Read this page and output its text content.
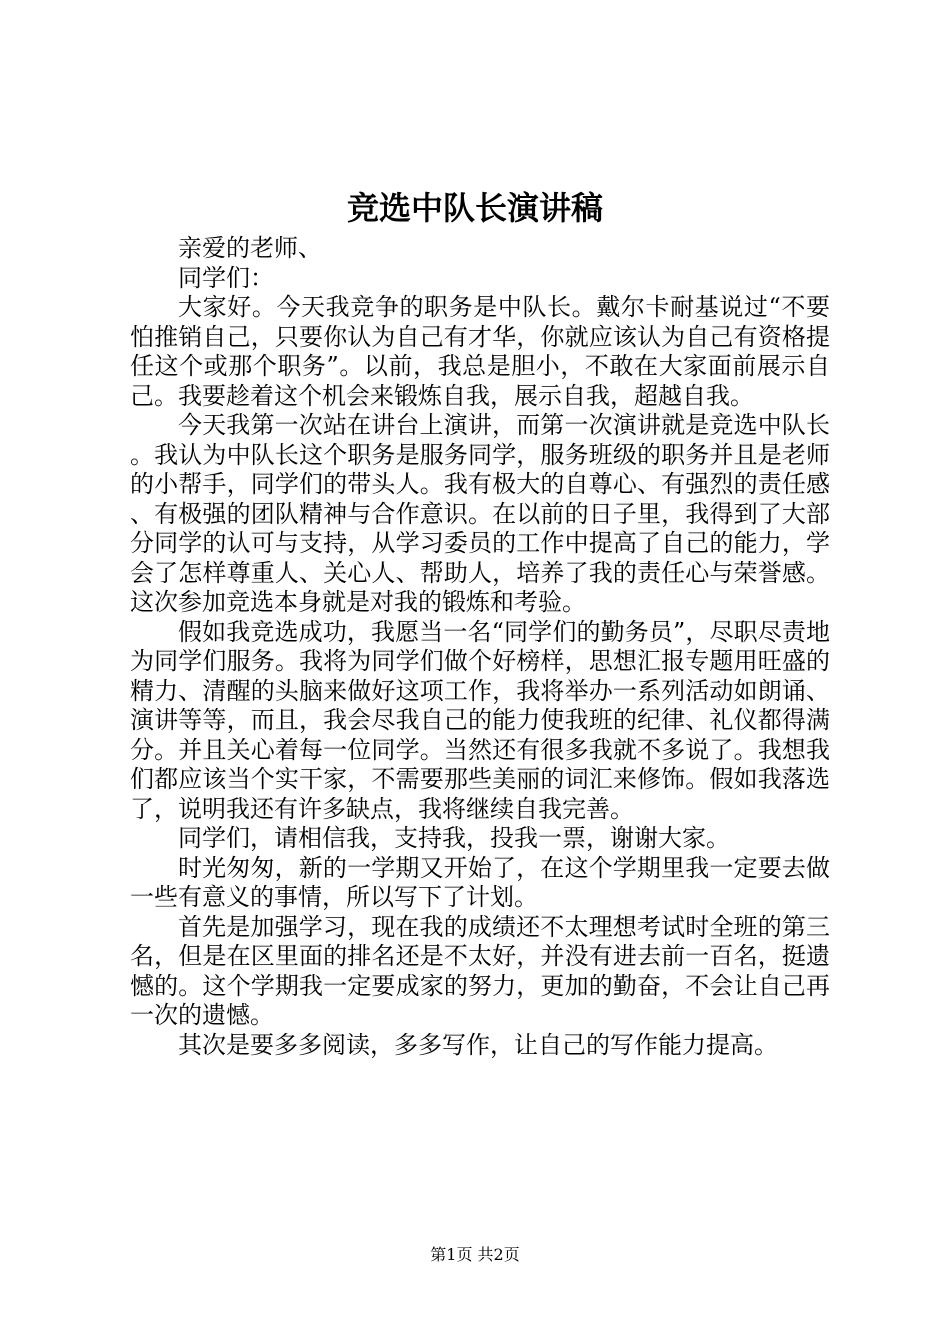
竞选中队长演讲稿

亲爱的老师、

同学们：

大家好。今天我竞争的职务是中队长。戴尔卡耐基说过“不要怕推销自己，只要你认为自己有才华，你就应该认为自己有资格提任这个或那个职务”。以前，我总是胆小，不敢在大家面前展示自己。我要趁着这个机会来锻炼自我，展示自我，超越自我。

今天我第一次站在讲台上演讲，而第一次演讲就是竞选中队长。我认为中队长这个职务是服务同学，服务班级的职务并且是老师的小帮手，同学们的带头人。我有极大的自尊心、有强烈的责任感、有极强的团队精神与合作意识。在以前的日子里，我得到了大部分同学的认可与支持，从学习委员的工作中提高了自己的能力，学会了怎样尊重人、关心人、帮助人，培养了我的责任心与荣誉感。这次参加竞选本身就是对我的锻炼和考验。

假如我竞选成功，我愿当一名“同学们的勤务员”，尽职尽责地为同学们服务。我将为同学们做个好榜样，思想汇报专题用旺盛的精力、清醒的头脑来做好这项工作，我将举办一系列活动如朗诵、演讲等等，而且，我会尽我自己的能力使我班的纪律、礼仪都得满分。并且关心着每一位同学。当然还有很多我就不多说了。我想我们都应该当个实干家，不需要那些美丽的词汇来修饰。假如我落选了，说明我还有许多缺点，我将继续自我完善。

同学们，请相信我，支持我，投我一票，谢谢大家。

时光匆匆，新的一学期又开始了，在这个学期里我一定要去做一些有意义的事情，所以写下了计划。

首先是加强学习，现在我的成绩还不太理想考试时全班的第三名，但是在区里面的排名还是不太好，并没有进去前一百名，挺遗憾的。这个学期我一定要成家的努力，更加的勤奋，不会让自己再一次的遗憾。

其次是要多多阅读，多多写作，让自己的写作能力提高。

第1页 共2页
